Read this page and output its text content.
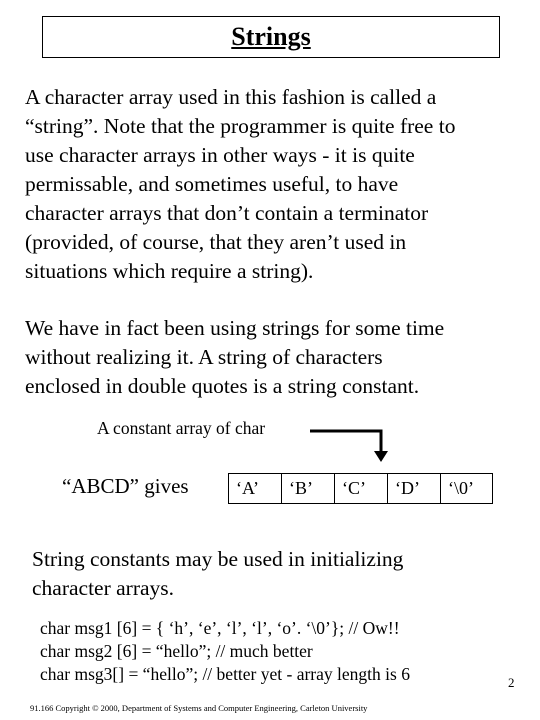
Strings

A character array used in this fashion is called a
“string”. Note that the programmer is quite free to
use character arrays in other ways - it is quite
permissable, and sometimes useful, to have
character arrays that don’t contain a terminator
(provided, of course, that they aren’t used in
situations which require a string).

We have in fact been using strings for some time
without realizing it. A string of characters
enclosed in double quotes is a string constant.

A constant array of char
“ABCD” gives	‘A’	‘B’	‘C’	‘D’	‘\0’

String constants may be used in initializing
character arrays.

char msg1 [6] = { ‘h’, ‘e’, ‘l’, ‘l’, ‘o’. ‘\0’}; // Ow!!
char msg2 [6] = “hello”; // much better
char msg3[] = “hello”; // better yet - array length is 6	2
91.166 Copyright © 2000, Department of Systems and Computer Engineering, Carleton University
